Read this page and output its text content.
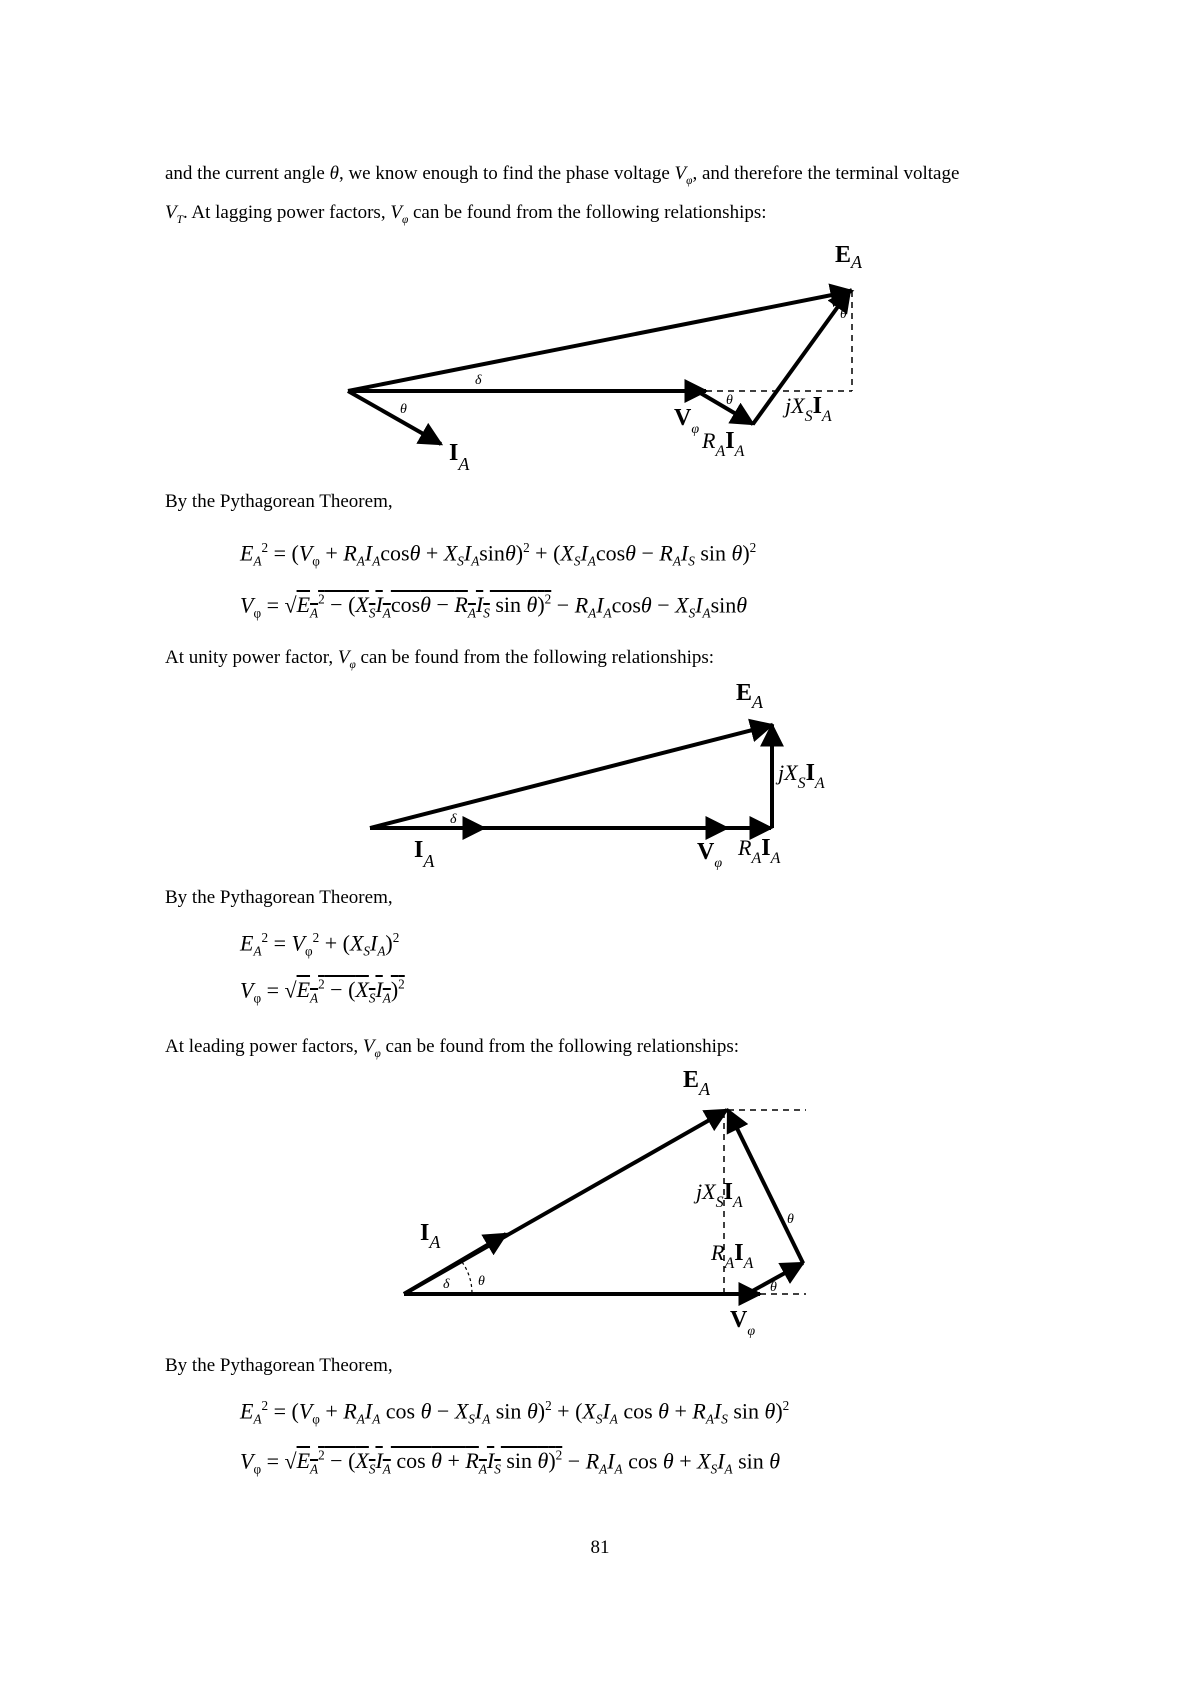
and the current angle θ, we know enough to find the phase voltage $V_\varphi$, and therefore the terminal voltage
$V_T$. At lagging power factors, $V_\varphi$ can be found from the following relationships:
$E_A$
θ
δ
θ
θ
$I_A$
$V_\varphi$ $R_AI_A$
$jX_SI_A$
$E_A$
$jX_SI_A$
δ
$I_A$	$V_\varphi$
$R_AI_A$
$E_A$
$jX_SI_A$
θ
$I_A$	$R_AI_A$
δ θ	θ
$V_\varphi$
By the Pythagorean Theorem,
$E_A^2 = (V_\varphi + R_AI_A\cos\theta + X_SI_A\sin\theta)^2 + (X_SI_A\cos\theta - R_AI_S$ sin θ)$^2$
$V_\varphi = √E_A^2 - (X_SI_A\cos\theta - R_AI_S$ $\sin \theta)^2 - R_AI_A\cos\theta - X_SI_A\sin\theta$
At unity power factor, $V_\varphi$ can be found from the following relationships:
By the Pythagorean Theorem,
$E_A^2 = V_\varphi^2 + (X_SI_A)^2$
$V_\varphi = √E_A^2 - (X_SI_A)^2$
At leading power factors, $V_\varphi$ can be found from the following relationships:
By the Pythagorean Theorem,
$E_A^2 = (V_\varphi + R_AI_A$ $\cos \theta - X_SI_A$ $\sin \theta)^2 + (X_SI_A$ $\cos \theta + R_AI_S$ sin θ)$^2$
$V_\varphi = √E_A^2 - (X_SI_A$ $\cos \theta + R_AI_S$ $\sin \theta)^2 - R_AI_A$ $\cos \theta + X_SI_A$ sin θ
81
